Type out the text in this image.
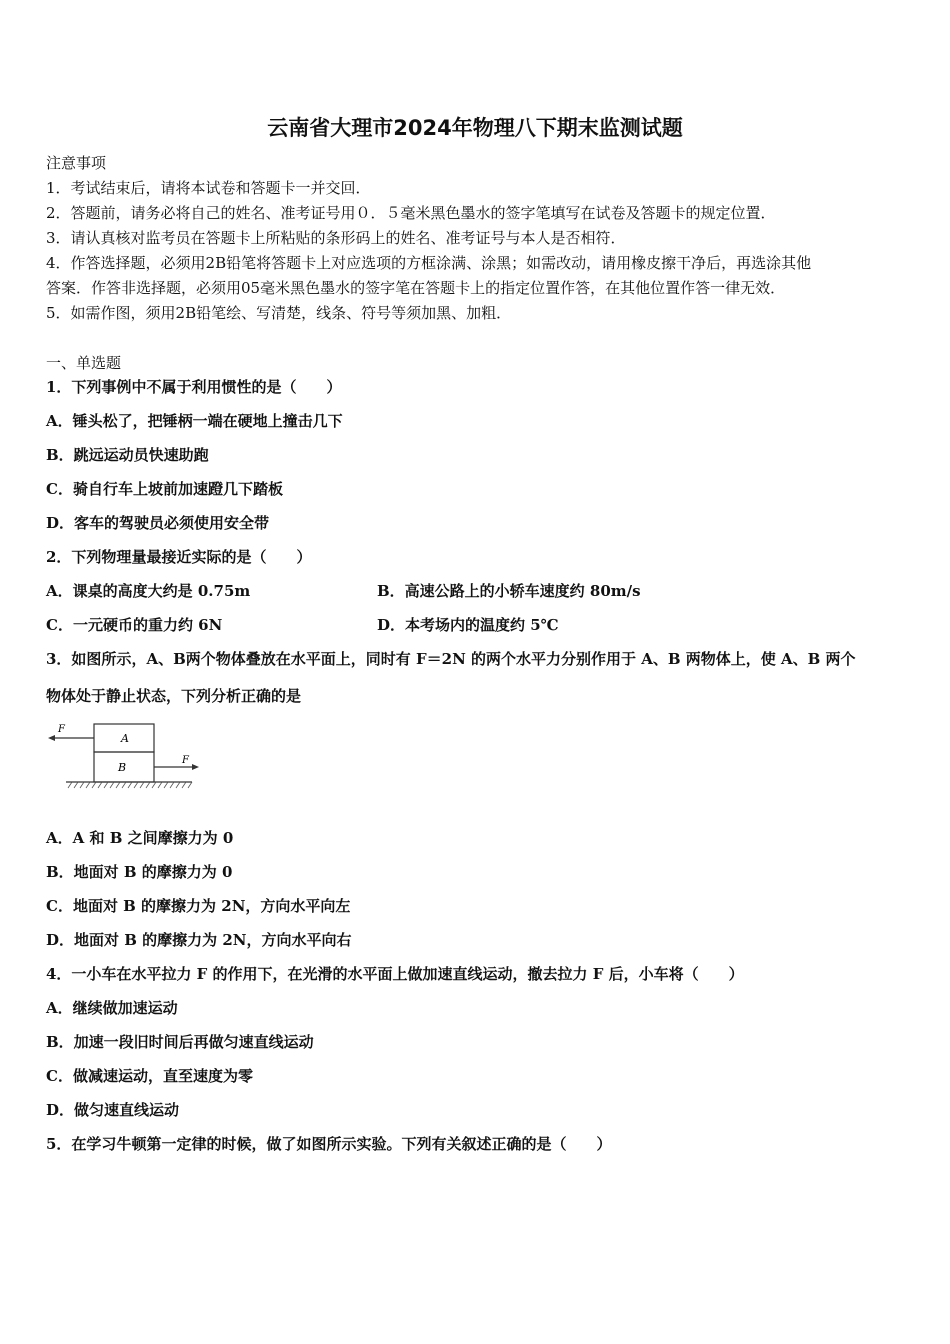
云南省大理市2024年物理八下期末监测试题
注意事项
1．考试结束后，请将本试卷和答题卡一并交回．
2．答题前，请务必将自己的姓名、准考证号用０．５毫米黑色墨水的签字笔填写在试卷及答题卡的规定位置．
3．请认真核对监考员在答题卡上所粘贴的条形码上的姓名、准考证号与本人是否相符．
4．作答选择题，必须用2B铅笔将答题卡上对应选项的方框涂满、涂黑；如需改动，请用橡皮擦干净后，再选涂其他
答案．作答非选择题，必须用05毫米黑色墨水的签字笔在答题卡上的指定位置作答，在其他位置作答一律无效．
5．如需作图，须用2B铅笔绘、写清楚，线条、符号等须加黑、加粗．
一、单选题
1．下列事例中不属于利用惯性的是（　　）
A．锤头松了，把锤柄一端在硬地上撞击几下
B．跳远运动员快速助跑
C．骑自行车上坡前加速蹬几下踏板
D．客车的驾驶员必须使用安全带
2．下列物理量最接近实际的是（　　）
A．课桌的高度大约是 0.75m	B．高速公路上的小轿车速度约 80m/s
C．一元硬币的重力约 6N	D．本考场内的温度约 5℃
3．如图所示，A、B两个物体叠放在水平面上，同时有 F＝2N 的两个水平力分别作用于 A、B 两物体上，使 A、B 两个
物体处于静止状态，下列分析正确的是
A
B
F
F
A．A 和 B 之间摩擦力为 0
B．地面对 B 的摩擦力为 0
C．地面对 B 的摩擦力为 2N，方向水平向左
D．地面对 B 的摩擦力为 2N，方向水平向右
4．一小车在水平拉力 F 的作用下，在光滑的水平面上做加速直线运动，撤去拉力 F 后，小车将（　　）
A．继续做加速运动
B．加速一段旧时间后再做匀速直线运动
C．做减速运动，直至速度为零
D．做匀速直线运动
5．在学习牛顿第一定律的时候，做了如图所示实验。下列有关叙述正确的是（　　）
